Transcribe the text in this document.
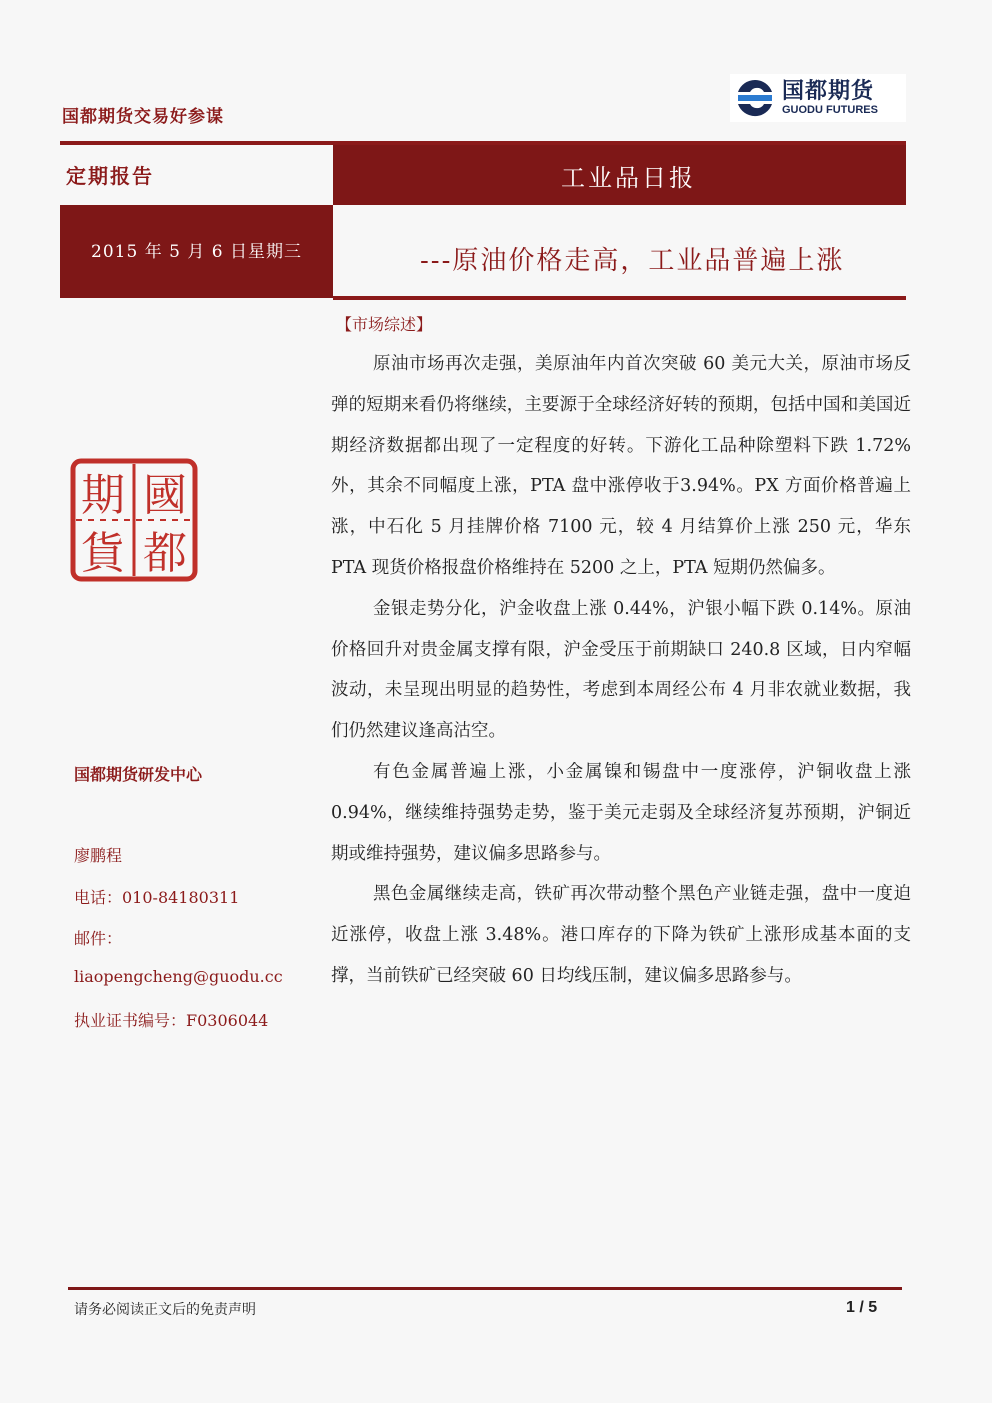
国都期货交易好参谋
国都期货
GUODU FUTURES
定期报告	工业品日报
2015 年 5 月 6 日星期三	---原油价格走高，工业品普遍上涨
【市场综述】

原油市场再次走强，美原油年内首次突破 60 美元大关，原油市场反弹的短期来看仍将继续，主要源于全球经济好转的预期，包括中国和美国近期经济数据都出现了一定程度的好转。下游化工品种除塑料下跌 1.72%外，其余不同幅度上涨，PTA 盘中涨停收于3.94%。PX 方面价格普遍上涨，中石化 5 月挂牌价格 7100 元，较 4 月结算价上涨 250 元，华东 PTA 现货价格报盘价格维持在 5200 之上，PTA 短期仍然偏多。

金银走势分化，沪金收盘上涨 0.44%，沪银小幅下跌 0.14%。原油价格回升对贵金属支撑有限，沪金受压于前期缺口 240.8 区域，日内窄幅波动，未呈现出明显的趋势性，考虑到本周经公布 4 月非农就业数据，我们仍然建议逢高沽空。

有色金属普遍上涨，小金属镍和锡盘中一度涨停，沪铜收盘上涨 0.94%，继续维持强势走势，鉴于美元走弱及全球经济复苏预期，沪铜近期或维持强势，建议偏多思路参与。

黑色金属继续走高，铁矿再次带动整个黑色产业链走强，盘中一度迫近涨停，收盘上涨 3.48%。港口库存的下降为铁矿上涨形成基本面的支撑，当前铁矿已经突破 60 日均线压制，建议偏多思路参与。

期 國
貨 都
国都期货研发中心
廖鹏程
电话：010-84180311
邮件：
liaopengcheng@guodu.cc
执业证书编号：F0306044
请务必阅读正文后的免责声明	1 / 5
